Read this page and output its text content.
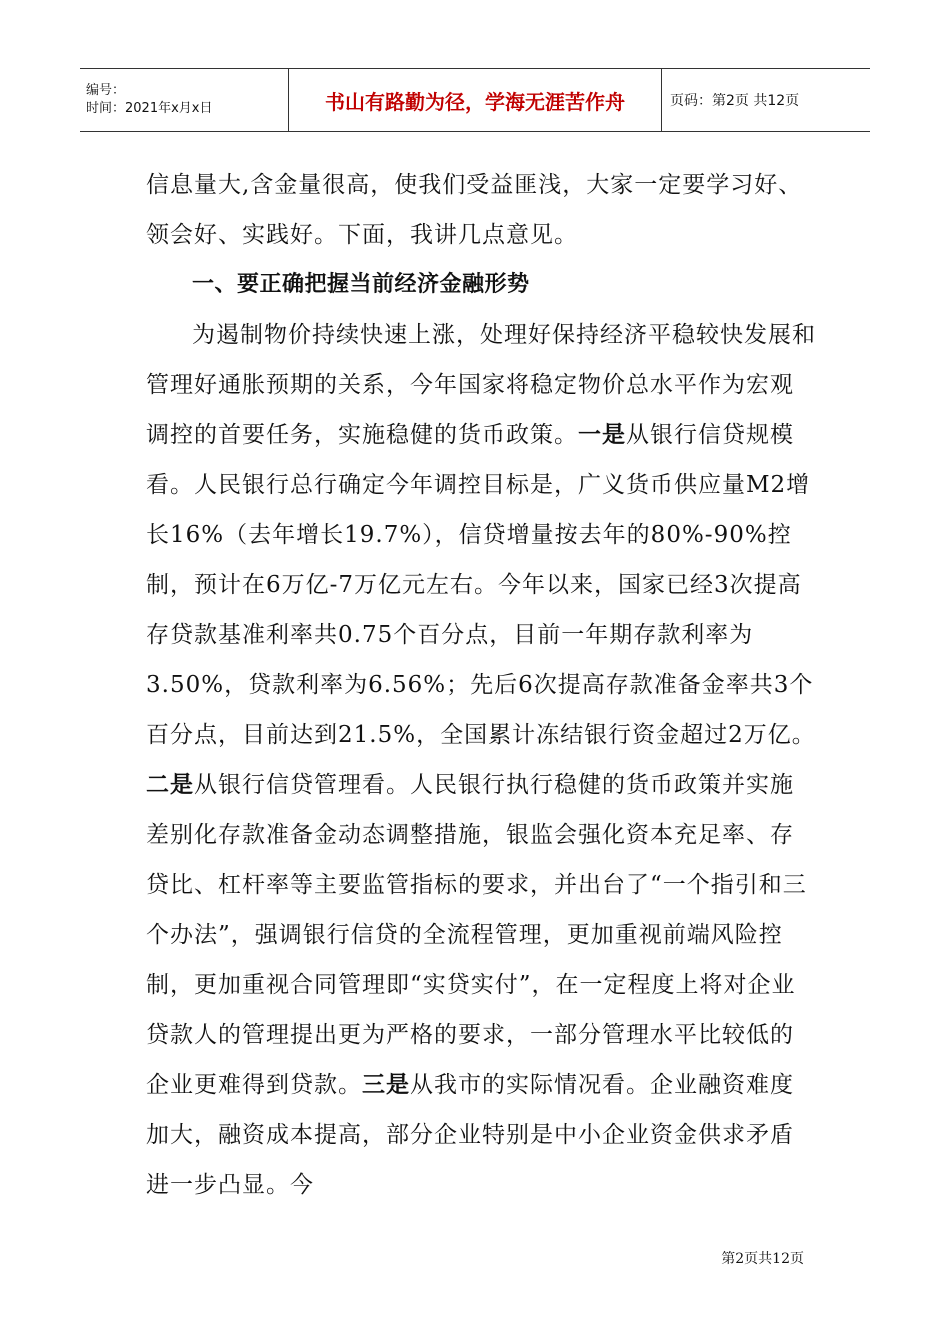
编号：
时间：2021年x月x日	书山有路勤为径，学海无涯苦作舟	页码：第2页 共12页

信息量大,含金量很高，使我们受益匪浅，大家一定要学习好、领会好、实践好。下面，我讲几点意见。

一、要正确把握当前经济金融形势

为遏制物价持续快速上涨，处理好保持经济平稳较快发展和管理好通胀预期的关系，今年国家将稳定物价总水平作为宏观调控的首要任务，实施稳健的货币政策。一是从银行信贷规模看。人民银行总行确定今年调控目标是，广义货币供应量M2增长16%（去年增长19.7%），信贷增量按去年的80%-90%控制，预计在6万亿-7万亿元左右。今年以来，国家已经3次提高存贷款基准利率共0.75个百分点，目前一年期存款利率为3.50%，贷款利率为6.56%；先后6次提高存款准备金率共3个百分点，目前达到21.5%，全国累计冻结银行资金超过2万亿。二是从银行信贷管理看。人民银行执行稳健的货币政策并实施差别化存款准备金动态调整措施，银监会强化资本充足率、存贷比、杠杆率等主要监管指标的要求，并出台了“一个指引和三个办法”，强调银行信贷的全流程管理，更加重视前端风险控制，更加重视合同管理即“实贷实付”，在一定程度上将对企业贷款人的管理提出更为严格的要求，一部分管理水平比较低的企业更难得到贷款。三是从我市的实际情况看。企业融资难度加大，融资成本提高，部分企业特别是中小企业资金供求矛盾进一步凸显。今

第2页共12页
